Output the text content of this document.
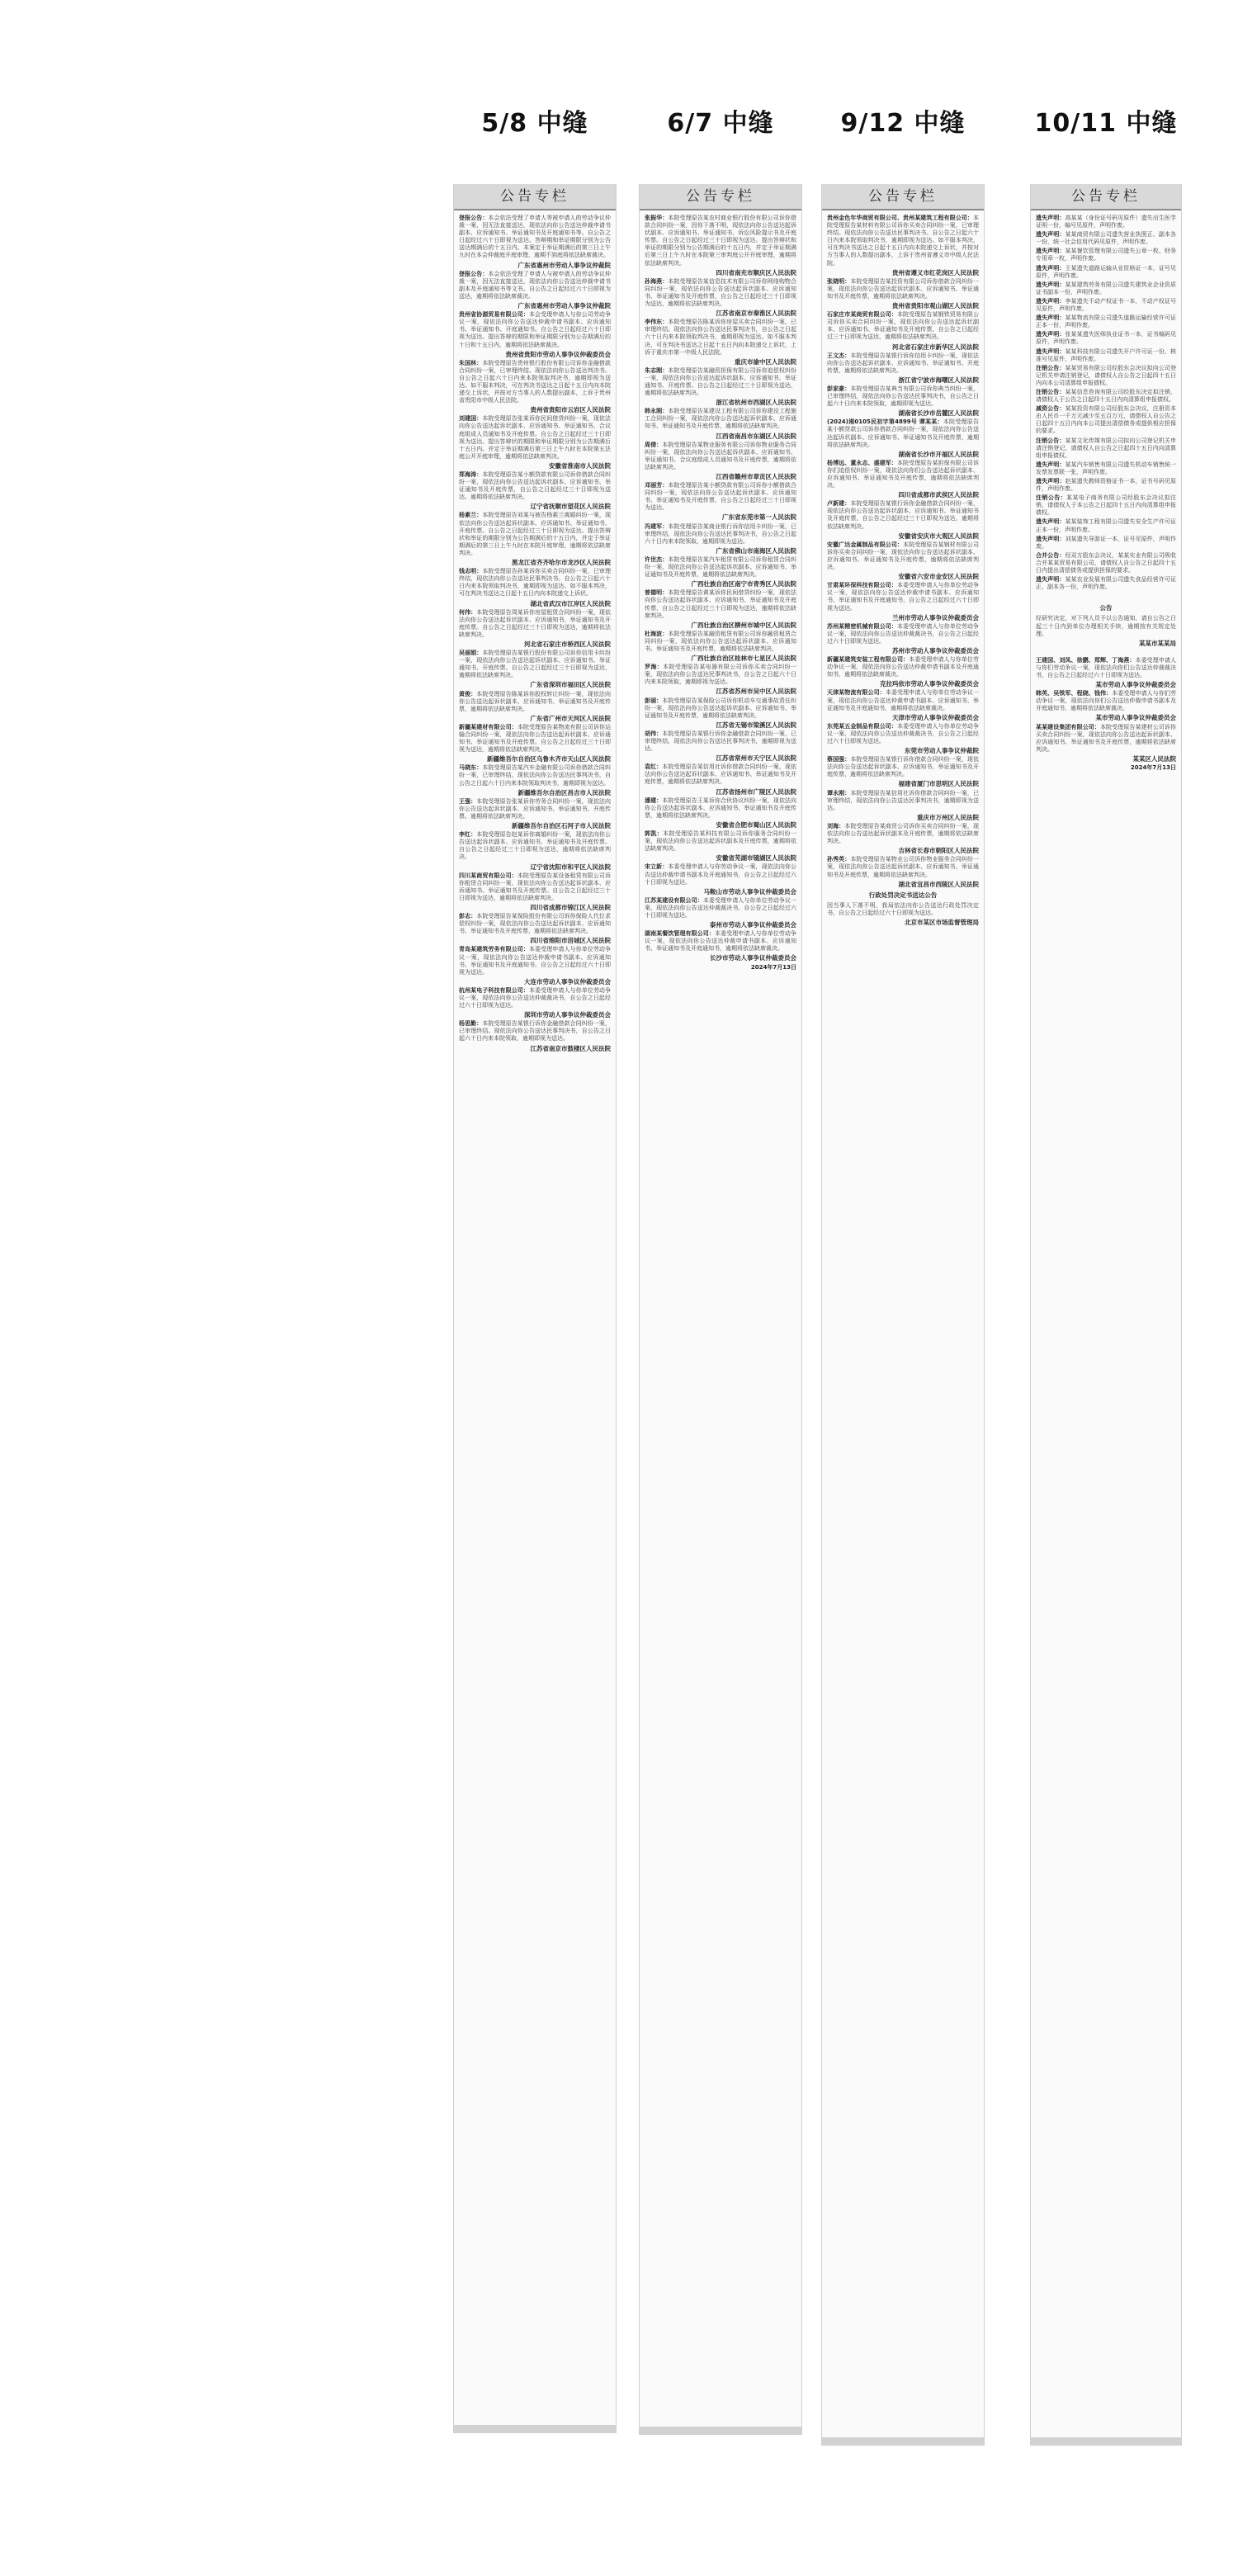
5/8 中缝	6/7 中缝	9/12 中缝	10/11 中缝
公告专栏
登报公告：本会依法受理了申请人等被申请人的劳动争议仲裁一案，因无法直接送达，现依法向你公告送达仲裁申请书副本、应诉通知书、举证通知书及开庭通知书等。自公告之日起经过六十日即视为送达。答辩期和举证期限分别为公告送达期满后的十五日内。本案定于举证期满后的第三日上午九时在本会仲裁庭开庭审理，逾期不到庭将依法缺席裁决。
广东省惠州市劳动人事争议仲裁院
登报公告：本会依法受理了申请人与被申请人的劳动争议仲裁一案，因无法直接送达，现依法向你公告送达仲裁申请书副本及开庭通知书等文书。自公告之日起经过六十日即视为送达，逾期将依法缺席裁决。
广东省惠州市劳动人事争议仲裁院
贵州省协源贸易有限公司：本会受理申请人与你公司劳动争议一案，现依法向你公告送达仲裁申请书副本、应诉通知书、举证通知书、开庭通知书。自公告之日起经过六十日即视为送达。提出答辩的期限和举证期限分别为公告期满后的十日和十五日内，逾期将依法缺席裁决。
贵州省贵阳市劳动人事争议仲裁委员会
朱国林：本院受理原告贵州银行股份有限公司诉你金融借款合同纠纷一案，已审理终结。现依法向你公告送达判决书。自公告之日起六十日内来本院领取判决书，逾期即视为送达。如不服本判决，可在判决书送达之日起十五日内向本院递交上诉状，并按对方当事人的人数提出副本，上诉于贵州省贵阳市中级人民法院。
贵州省贵阳市云岩区人民法院
刘建国：本院受理原告张某诉你民间借贷纠纷一案，现依法向你公告送达起诉状副本、应诉通知书、举证通知书、合议庭组成人员通知书及开庭传票。自公告之日起经过三十日即视为送达。提出答辩状的期限和举证期限分别为公告期满后十五日内。并定于举证期满后第三日上午九时在本院第五法庭公开开庭审理，逾期将依法缺席判决。
安徽省淮南市人民法院
郑海涛：本院受理原告某小额贷款有限公司诉你借款合同纠纷一案，现依法向你公告送达起诉状副本、应诉通知书、举证通知书及开庭传票，自公告之日起经过三十日即视为送达。逾期将依法缺席判决。
辽宁省抚顺市望花区人民法院
杨素兰：本院受理原告刘某与被告杨素兰离婚纠纷一案，现依法向你公告送达起诉状副本、应诉通知书、举证通知书、开庭传票。自公告之日起经过三十日即视为送达。提出答辩状和举证的期限分别为公告期满后的十五日内，并定于举证期满后的第三日上午九时在本院开庭审理，逾期将依法缺席判决。
黑龙江省齐齐哈尔市龙沙区人民法院
钱志明：本院受理原告孙某诉你买卖合同纠纷一案，已审理终结，现依法向你公告送达民事判决书。自公告之日起六十日内来本院领取判决书，逾期即视为送达。如不服本判决，可在判决书送达之日起十五日内向本院递交上诉状。
湖北省武汉市江岸区人民法院
何伟：本院受理原告周某诉你房屋租赁合同纠纷一案，现依法向你公告送达起诉状副本、应诉通知书、举证通知书及开庭传票。自公告之日起经过三十日即视为送达，逾期将依法缺席判决。
河北省石家庄市桥西区人民法院
吴丽娟：本院受理原告某银行股份有限公司诉你信用卡纠纷一案，现依法向你公告送达起诉状副本、应诉通知书、举证通知书、开庭传票。自公告之日起经过三十日即视为送达，逾期将依法缺席判决。
广东省深圳市福田区人民法院
黄俊：本院受理原告陈某诉你股权转让纠纷一案，现依法向你公告送达起诉状副本、应诉通知书、举证通知书及开庭传票，逾期将依法缺席判决。
广东省广州市天河区人民法院
新疆某建材有限公司：本院受理原告某物流有限公司诉你运输合同纠纷一案，现依法向你公告送达起诉状副本、应诉通知书、举证通知书及开庭传票。自公告之日起经过三十日即视为送达，逾期将依法缺席判决。
新疆维吾尔自治区乌鲁木齐市天山区人民法院
马晓东：本院受理原告某汽车金融有限公司诉你借款合同纠纷一案，已审理终结，现依法向你公告送达民事判决书，自公告之日起六十日内来本院领取判决书，逾期即视为送达。
新疆维吾尔自治区昌吉市人民法院
王强：本院受理原告张某诉你劳务合同纠纷一案，现依法向你公告送达起诉状副本、应诉通知书、举证通知书、开庭传票。逾期将依法缺席判决。
新疆维吾尔自治区石河子市人民法院
李红：本院受理原告赵某诉你离婚纠纷一案，现依法向你公告送达起诉状副本、应诉通知书、举证通知书及开庭传票。自公告之日起经过三十日即视为送达，逾期将依法缺席判决。
辽宁省沈阳市和平区人民法院
四川某商贸有限公司：本院受理原告某设备租赁有限公司诉你租赁合同纠纷一案，现依法向你公告送达起诉状副本、应诉通知书、举证通知书及开庭传票。自公告之日起经过三十日即视为送达，逾期将依法缺席判决。
四川省成都市锦江区人民法院
彭志：本院受理原告某保险股份有限公司诉你保险人代位求偿权纠纷一案，现依法向你公告送达起诉状副本、应诉通知书、举证通知书及开庭传票，逾期将依法缺席判决。
四川省绵阳市涪城区人民法院
青岛某建筑劳务有限公司：本委受理申请人与你单位劳动争议一案，现依法向你公告送达仲裁申请书副本、应诉通知书、举证通知书及开庭通知书，自公告之日起经过六十日即视为送达。
大连市劳动人事争议仲裁委员会
杭州某电子科技有限公司：本委受理申请人与你单位劳动争议一案，现依法向你公告送达仲裁裁决书，自公告之日起经过六十日即视为送达。
深圳市劳动人事争议仲裁委员会
杨思勤：本院受理原告某银行诉你金融借款合同纠纷一案，已审理终结。现依法向你公告送达民事判决书，自公告之日起六十日内来本院领取，逾期即视为送达。
江苏省南京市鼓楼区人民法院
公告专栏
张振华：本院受理原告某农村商业银行股份有限公司诉你借款合同纠纷一案，因你下落不明，现依法向你公告送达起诉状副本、应诉通知书、举证通知书、诉讼风险提示书及开庭传票。自公告之日起经过三十日即视为送达。提出答辩状和举证的期限分别为公告期满后的十五日内，并定于举证期满后第三日上午九时在本院第三审判庭公开开庭审理，逾期将依法缺席判决。
四川省南充市顺庆区人民法院
孙海燕：本院受理原告某信息技术有限公司诉你网络购物合同纠纷一案，现依法向你公告送达起诉状副本、应诉通知书、举证通知书及开庭传票，自公告之日起经过三十日即视为送达，逾期将依法缺席判决。
江苏省南京市秦淮区人民法院
李伟东：本院受理原告陈某诉你房屋买卖合同纠纷一案，已审理终结。现依法向你公告送达民事判决书，自公告之日起六十日内来本院领取判决书，逾期即视为送达。如不服本判决，可在判决书送达之日起十五日内向本院递交上诉状，上诉于重庆市第一中级人民法院。
重庆市渝中区人民法院
朱志刚：本院受理原告某融资担保有限公司诉你追偿权纠纷一案，现依法向你公告送达起诉状副本、应诉通知书、举证通知书、开庭传票。自公告之日起经过三十日即视为送达，逾期将依法缺席判决。
浙江省杭州市西湖区人民法院
韩永刚：本院受理原告某建设工程有限公司诉你建设工程施工合同纠纷一案，现依法向你公告送达起诉状副本、应诉通知书、举证通知书及开庭传票，逾期将依法缺席判决。
江西省南昌市东湖区人民法院
周倩：本院受理原告某物业服务有限公司诉你物业服务合同纠纷一案，现依法向你公告送达起诉状副本、应诉通知书、举证通知书、合议庭组成人员通知书及开庭传票，逾期将依法缺席判决。
江西省赣州市章贡区人民法院
邓丽芳：本院受理原告某小额贷款有限公司诉你小额借款合同纠纷一案，现依法向你公告送达起诉状副本、应诉通知书、举证通知书及开庭传票，自公告之日起经过三十日即视为送达。
广东省东莞市第一人民法院
冯建军：本院受理原告某商业银行诉你信用卡纠纷一案，已审理终结，现依法向你公告送达民事判决书，自公告之日起六十日内来本院领取，逾期即视为送达。
广东省佛山市南海区人民法院
许世杰：本院受理原告某汽车租赁有限公司诉你租赁合同纠纷一案，现依法向你公告送达起诉状副本、应诉通知书、举证通知书及开庭传票，逾期将依法缺席判决。
广西壮族自治区南宁市青秀区人民法院
曾德明：本院受理原告黄某诉你民间借贷纠纷一案，现依法向你公告送达起诉状副本、应诉通知书、举证通知书及开庭传票，自公告之日起经过三十日即视为送达，逾期将依法缺席判决。
广西壮族自治区柳州市城中区人民法院
杜海波：本院受理原告某融资租赁有限公司诉你融资租赁合同纠纷一案，现依法向你公告送达起诉状副本、应诉通知书、举证通知书及开庭传票，逾期将依法缺席判决。
广西壮族自治区桂林市七星区人民法院
罗海：本院受理原告某电器有限公司诉你买卖合同纠纷一案，现依法向你公告送达民事判决书，自公告之日起六十日内来本院领取，逾期即视为送达。
江苏省苏州市吴中区人民法院
彭丽：本院受理原告某保险公司诉你机动车交通事故责任纠纷一案，现依法向你公告送达起诉状副本、应诉通知书、举证通知书及开庭传票，逾期将依法缺席判决。
江苏省无锡市梁溪区人民法院
胡伟：本院受理原告某银行诉你金融借款合同纠纷一案，已审理终结，现依法向你公告送达民事判决书，逾期即视为送达。
江苏省常州市天宁区人民法院
袁红：本院受理原告某信用社诉你借款合同纠纷一案，现依法向你公告送达起诉状副本、应诉通知书、举证通知书及开庭传票，逾期将依法缺席判决。
江苏省扬州市广陵区人民法院
潘建：本院受理原告王某诉你合伙协议纠纷一案，现依法向你公告送达起诉状副本、应诉通知书、举证通知书及开庭传票，逾期将依法缺席判决。
安徽省合肥市蜀山区人民法院
郭凯：本院受理原告某科技有限公司诉你服务合同纠纷一案，现依法向你公告送达起诉状副本及开庭传票，逾期将依法缺席判决。
安徽省芜湖市镜湖区人民法院
宋立新：本委受理申请人与你劳动争议一案，现依法向你公告送达仲裁申请书副本及开庭通知书，自公告之日起经过六十日即视为送达。
马鞍山市劳动人事争议仲裁委员会
江苏某建设有限公司：本委受理申请人与你单位劳动争议一案，现依法向你公告送达仲裁裁决书，自公告之日起经过六十日即视为送达。
泰州市劳动人事争议仲裁委员会
湖南某餐饮管理有限公司：本委受理申请人与你单位劳动争议一案，现依法向你公告送达仲裁申请书副本、应诉通知书、举证通知书及开庭通知书，逾期将依法缺席裁决。
长沙市劳动人事争议仲裁委员会
2024年7月13日
公告专栏
贵州金色年华商贸有限公司、贵州某建筑工程有限公司：本院受理原告某材料有限公司诉你买卖合同纠纷一案，已审理终结。现依法向你公告送达民事判决书。自公告之日起六十日内来本院领取判决书，逾期即视为送达。如不服本判决，可在判决书送达之日起十五日内向本院递交上诉状，并按对方当事人的人数提出副本，上诉于贵州省遵义市中级人民法院。
贵州省遵义市红花岗区人民法院
张晓明：本院受理原告某投资有限公司诉你借款合同纠纷一案，现依法向你公告送达起诉状副本、应诉通知书、举证通知书及开庭传票，逾期将依法缺席判决。
贵州省贵阳市观山湖区人民法院
石家庄市某商贸有限公司：本院受理原告某钢铁贸易有限公司诉你买卖合同纠纷一案，现依法向你公告送达起诉状副本、应诉通知书、举证通知书及开庭传票，自公告之日起经过三十日即视为送达，逾期将依法缺席判决。
河北省石家庄市新华区人民法院
王文杰：本院受理原告某银行诉你信用卡纠纷一案，现依法向你公告送达起诉状副本、应诉通知书、举证通知书、开庭传票，逾期将依法缺席判决。
浙江省宁波市海曙区人民法院
彭家豪：本院受理原告某典当有限公司诉你典当纠纷一案，已审理终结，现依法向你公告送达民事判决书，自公告之日起六十日内来本院领取，逾期即视为送达。
湖南省长沙市岳麓区人民法院
(2024)湘0105民初字第4899号 谭某某：本院受理原告某小额贷款公司诉你借款合同纠纷一案，现依法向你公告送达起诉状副本、应诉通知书、举证通知书及开庭传票，逾期将依法缺席判决。
湖南省长沙市开福区人民法院
杨博远、董永志、盛建军：本院受理原告某担保有限公司诉你们追偿权纠纷一案，现依法向你们公告送达起诉状副本、应诉通知书、举证通知书及开庭传票，逾期将依法缺席判决。
四川省成都市武侯区人民法院
卢新建：本院受理原告某银行诉你金融借款合同纠纷一案，现依法向你公告送达起诉状副本、应诉通知书、举证通知书及开庭传票，自公告之日起经过三十日即视为送达，逾期将依法缺席判决。
安徽省安庆市大观区人民法院
安徽广达金属制品有限公司：本院受理原告某钢材有限公司诉你买卖合同纠纷一案，现依法向你公告送达起诉状副本、应诉通知书、举证通知书及开庭传票，逾期将依法缺席判决。
安徽省六安市金安区人民法院
甘肃某环保科技有限公司：本委受理申请人与你单位劳动争议一案，现依法向你公告送达仲裁申请书副本、应诉通知书、举证通知书及开庭通知书，自公告之日起经过六十日即视为送达。
兰州市劳动人事争议仲裁委员会
苏州某精密机械有限公司：本委受理申请人与你单位劳动争议一案，现依法向你公告送达仲裁裁决书，自公告之日起经过六十日即视为送达。
苏州市劳动人事争议仲裁委员会
新疆某建筑安装工程有限公司：本委受理申请人与你单位劳动争议一案，现依法向你公告送达仲裁申请书副本及开庭通知书，逾期将依法缺席裁决。
克拉玛依市劳动人事争议仲裁委员会
天津某物流有限公司：本委受理申请人与你单位劳动争议一案，现依法向你公告送达仲裁申请书副本、应诉通知书、举证通知书及开庭通知书，逾期将依法缺席裁决。
天津市劳动人事争议仲裁委员会
东莞某五金制品有限公司：本委受理申请人与你单位劳动争议一案，现依法向你公告送达仲裁裁决书，自公告之日起经过六十日即视为送达。
东莞市劳动人事争议仲裁院
蔡国强：本院受理原告某银行诉你借款合同纠纷一案，现依法向你公告送达起诉状副本、应诉通知书、举证通知书及开庭传票，逾期将依法缺席判决。
福建省厦门市思明区人民法院
谭永刚：本院受理原告某信用社诉你借款合同纠纷一案，已审理终结，现依法向你公告送达民事判决书，逾期即视为送达。
重庆市万州区人民法院
刘海：本院受理原告某商贸公司诉你买卖合同纠纷一案，现依法向你公告送达起诉状副本及开庭传票，逾期将依法缺席判决。
吉林省长春市朝阳区人民法院
孙秀英：本院受理原告某物业公司诉你物业服务合同纠纷一案，现依法向你公告送达起诉状副本、应诉通知书、举证通知书及开庭传票，逾期将依法缺席判决。
湖北省宜昌市西陵区人民法院
行政处罚决定书送达公告
因当事人下落不明，我局依法向你公告送达行政处罚决定书，自公告之日起经过六十日即视为送达。
北京市某区市场监督管理局
公告专栏
遗失声明：高某某（身份证号码见原件）遗失出生医学证明一份，编号见原件，声明作废。
遗失声明：某某商贸有限公司遗失营业执照正、副本各一份，统一社会信用代码见原件，声明作废。
遗失声明：某某餐饮管理有限公司遗失公章一枚、财务专用章一枚，声明作废。
遗失声明：王某遗失道路运输从业资格证一本，证号见原件，声明作废。
遗失声明：某某建筑劳务有限公司遗失建筑业企业资质证书副本一份，声明作废。
遗失声明：李某遗失不动产权证书一本，不动产权证号见原件，声明作废。
遗失声明：某某物流有限公司遗失道路运输经营许可证正本一份，声明作废。
遗失声明：张某某遗失医师执业证书一本，证书编码见原件，声明作废。
遗失声明：某某科技有限公司遗失开户许可证一份，核准号见原件，声明作废。
注销公告：某某贸易有限公司经股东会决议拟向公司登记机关申请注销登记，请债权人自公告之日起四十五日内向本公司清算组申报债权。
注销公告：某某信息咨询有限公司经股东决定拟注销，请债权人于公告之日起四十五日内向清算组申报债权。
减资公告：某某投资有限公司经股东会决议，注册资本由人民币一千万元减少至五百万元，请债权人自公告之日起四十五日内向本公司提出清偿债务或提供相应担保的要求。
注销公告：某某文化传媒有限公司拟向公司登记机关申请注销登记，请债权人自公告之日起四十五日内向清算组申报债权。
遗失声明：某某汽车销售有限公司遗失机动车销售统一发票发票联一张，声明作废。
遗失声明：赵某遗失教师资格证书一本，证书号码见原件，声明作废。
注销公告：某某电子商务有限公司经股东会决议拟注销，请债权人于本公告之日起四十五日内向清算组申报债权。
遗失声明：某某装饰工程有限公司遗失安全生产许可证正本一份，声明作废。
遗失声明：刘某遗失导游证一本，证号见原件，声明作废。
合并公告：经双方股东会决议，某某实业有限公司吸收合并某某贸易有限公司，请债权人自公告之日起四十五日内提出清偿债务或提供担保的要求。
遗失声明：某某农业发展有限公司遗失食品经营许可证正、副本各一份，声明作废。
公告
经研究决定，对下列人员予以公告通知，请自公告之日起三十日内到单位办理相关手续，逾期按有关规定处理。
某某市某某局
王建国、刘凤、徐鹏、郑辉、丁海燕：本委受理申请人与你们劳动争议一案，现依法向你们公告送达仲裁裁决书，自公告之日起经过六十日即视为送达。
某市劳动人事争议仲裁委员会
韩英、吴铁军、程晓、钱伟：本委受理申请人与你们劳动争议一案，现依法向你们公告送达仲裁申请书副本及开庭通知书，逾期将依法缺席裁决。
某市劳动人事争议仲裁委员会
某某建设集团有限公司：本院受理原告某建材公司诉你买卖合同纠纷一案，现依法向你公告送达起诉状副本、应诉通知书、举证通知书及开庭传票，逾期将依法缺席判决。
某某区人民法院
2024年7月13日
